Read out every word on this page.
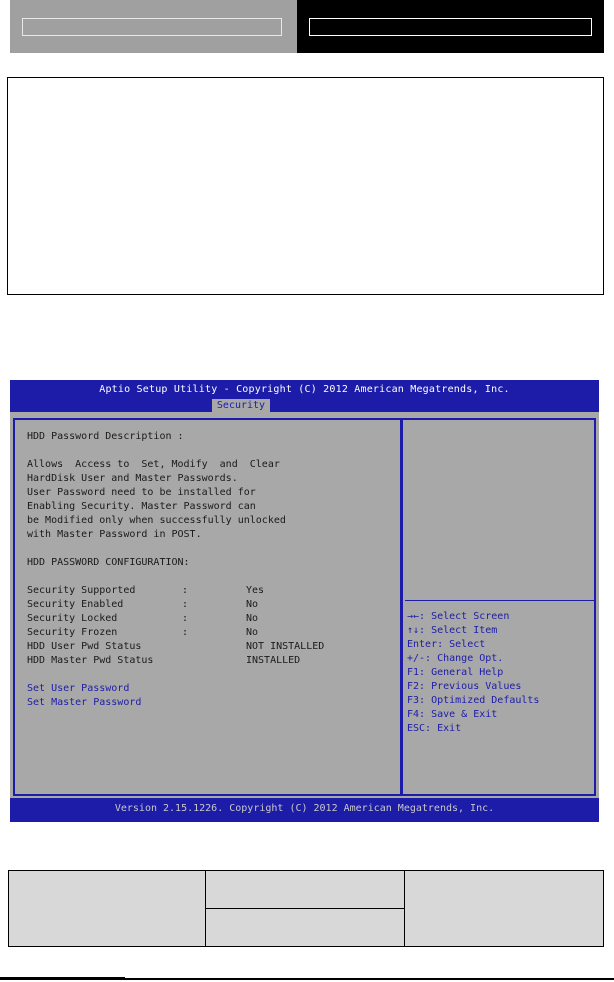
Aptio Setup Utility - Copyright (C) 2012 American Megatrends, Inc.
Security
HDD Password Description :
Allows  Access to  Set, Modify  and  Clear
HardDisk User and Master Passwords.
User Password need to be installed for
Enabling Security. Master Password can
be Modified only when successfully unlocked
with Master Password in POST.
HDD PASSWORD CONFIGURATION:
Security Supported	:	Yes
Security Enabled	:	No
Security Locked	:	No
Security Frozen	:	No
HDD User Pwd Status	NOT INSTALLED
HDD Master Pwd Status	INSTALLED
Set User Password
Set Master Password
→←: Select Screen
↑↓: Select Item
Enter: Select
+/-: Change Opt.
F1: General Help
F2: Previous Values
F3: Optimized Defaults
F4: Save & Exit
ESC: Exit
Version 2.15.1226. Copyright (C) 2012 American Megatrends, Inc.
